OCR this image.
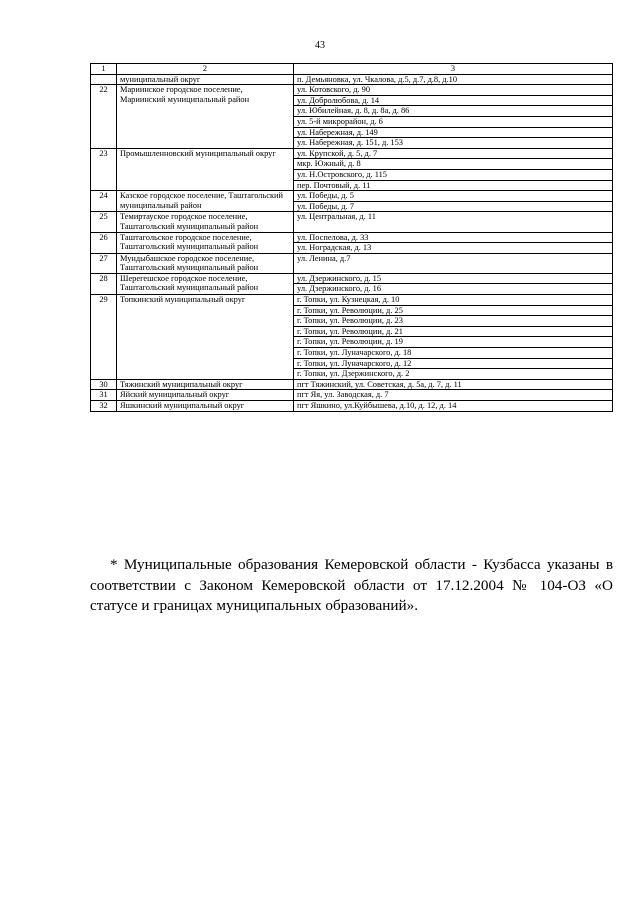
43
1	2	3
	муниципальный округ	п. Демьяновка, ул. Чкалова, д.5, д.7, д.8, д.10
22	Мариинское городское поселение, Мариинский муниципальный район	ул. Котовского, д. 90
		ул. Добролюбова, д. 14
		ул. Юбилейная, д. 8, д. 8а, д. 86
		ул. 5-й микрорайон, д. 6
		ул. Набережная, д. 149
		ул. Набережная, д. 151, д. 153
23	Промышленновский муниципальный округ	ул. Крупской, д. 5, д. 7
		мкр. Южный, д. 8
		ул. Н.Островского, д. 115
		пер. Почтовый, д. 11
24	Казское городское поселение, Таштагольский муниципальный район	ул. Победы, д. 5
		ул. Победы, д. 7
25	Темиртауское городское поселение, Таштагольский муниципальный район	ул. Центральная, д. 11
26	Таштагольское городское поселение, Таштагольский муниципальный район	ул. Поспелова, д. 33
		ул. Ноградская, д. 13
27	Мундыбашское городское поселение, Таштагольский муниципальный район	ул. Ленина, д.7
28	Шерегешское городское поселение, Таштагольский муниципальный район	ул. Дзержинского, д. 15
		ул. Дзержинского, д. 16
29	Топкинский муниципальный округ	г. Топки, ул. Кузнецкая, д. 10
		г. Топки, ул. Революции, д. 25
		г. Топки, ул. Революции, д. 23
		г. Топки, ул. Революции, д. 21
		г. Топки, ул. Революции, д. 19
		г. Топки, ул. Луначарского, д. 18
		г. Топки, ул. Луначарского, д. 12
		г. Топки, ул. Дзержинского, д. 2
30	Тяжинский муниципальный округ	пгт Тяжинский, ул. Советская, д. 5а, д. 7, д. 11
31	Яйский муниципальный округ	пгт Яя, ул. Заводская, д. 7
32	Яшкинский муниципальный округ	пгт Яшкино, ул.Куйбышева, д.10, д. 12, д. 14
* Муниципальные образования Кемеровской области - Кузбасса указаны в соответствии с Законом Кемеровской области от 17.12.2004 № 104-ОЗ «О статусе и границах муниципальных образований».
